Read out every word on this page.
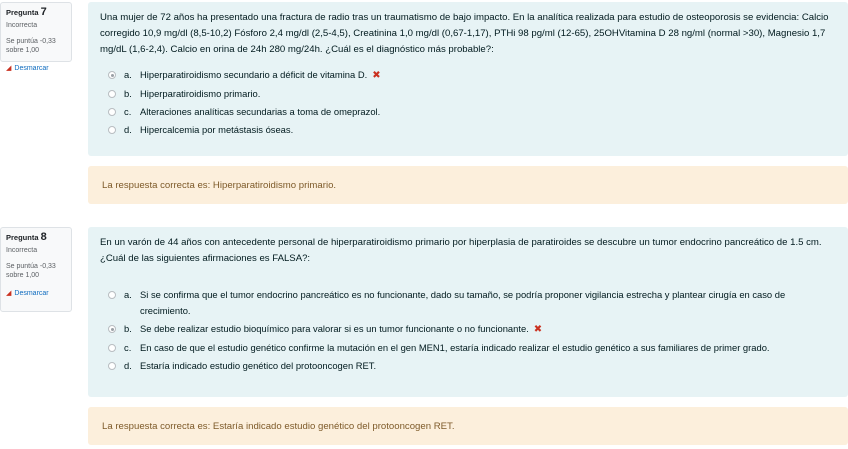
Pregunta 7
Incorrecta
Se puntúa -0,33 sobre 1,00
◢ Desmarcar

Una mujer de 72 años ha presentado una fractura de radio tras un traumatismo de bajo impacto. En la analítica realizada para estudio de osteoporosis se evidencia: Calcio corregido 10,9 mg/dl (8,5-10,2) Fósforo 2,4 mg/dl (2,5-4,5), Creatinina 1,0 mg/dl (0,67-1,17), PTHi 98 pg/ml (12-65), 25OHVitamina D 28 ng/ml (normal >30), Magnesio 1,7 mg/dL (1,6-2,4). Calcio en orina de 24h 280 mg/24h. ¿Cuál es el diagnóstico más probable?:

a. Hiperparatiroidismo secundario a déficit de vitamina D. ✖
b. Hiperparatiroidismo primario.
c. Alteraciones analíticas secundarias a toma de omeprazol.
d. Hipercalcemia por metástasis óseas.
La respuesta correcta es: Hiperparatiroidismo primario.
Pregunta 8
Incorrecta
Se puntúa -0,33 sobre 1,00
◢ Desmarcar

En un varón de 44 años con antecedente personal de hiperparatiroidismo primario por hiperplasia de paratiroides se descubre un tumor endocrino pancreático de 1.5 cm. ¿Cuál de las siguientes afirmaciones es FALSA?:

a. Si se confirma que el tumor endocrino pancreático es no funcionante, dado su tamaño, se podría proponer vigilancia estrecha y plantear cirugía en caso de crecimiento.
b. Se debe realizar estudio bioquímico para valorar si es un tumor funcionante o no funcionante. ✖
c. En caso de que el estudio genético confirme la mutación en el gen MEN1, estaría indicado realizar el estudio genético a sus familiares de primer grado.
d. Estaría indicado estudio genético del protooncogen RET.
La respuesta correcta es: Estaría indicado estudio genético del protooncogen RET.
